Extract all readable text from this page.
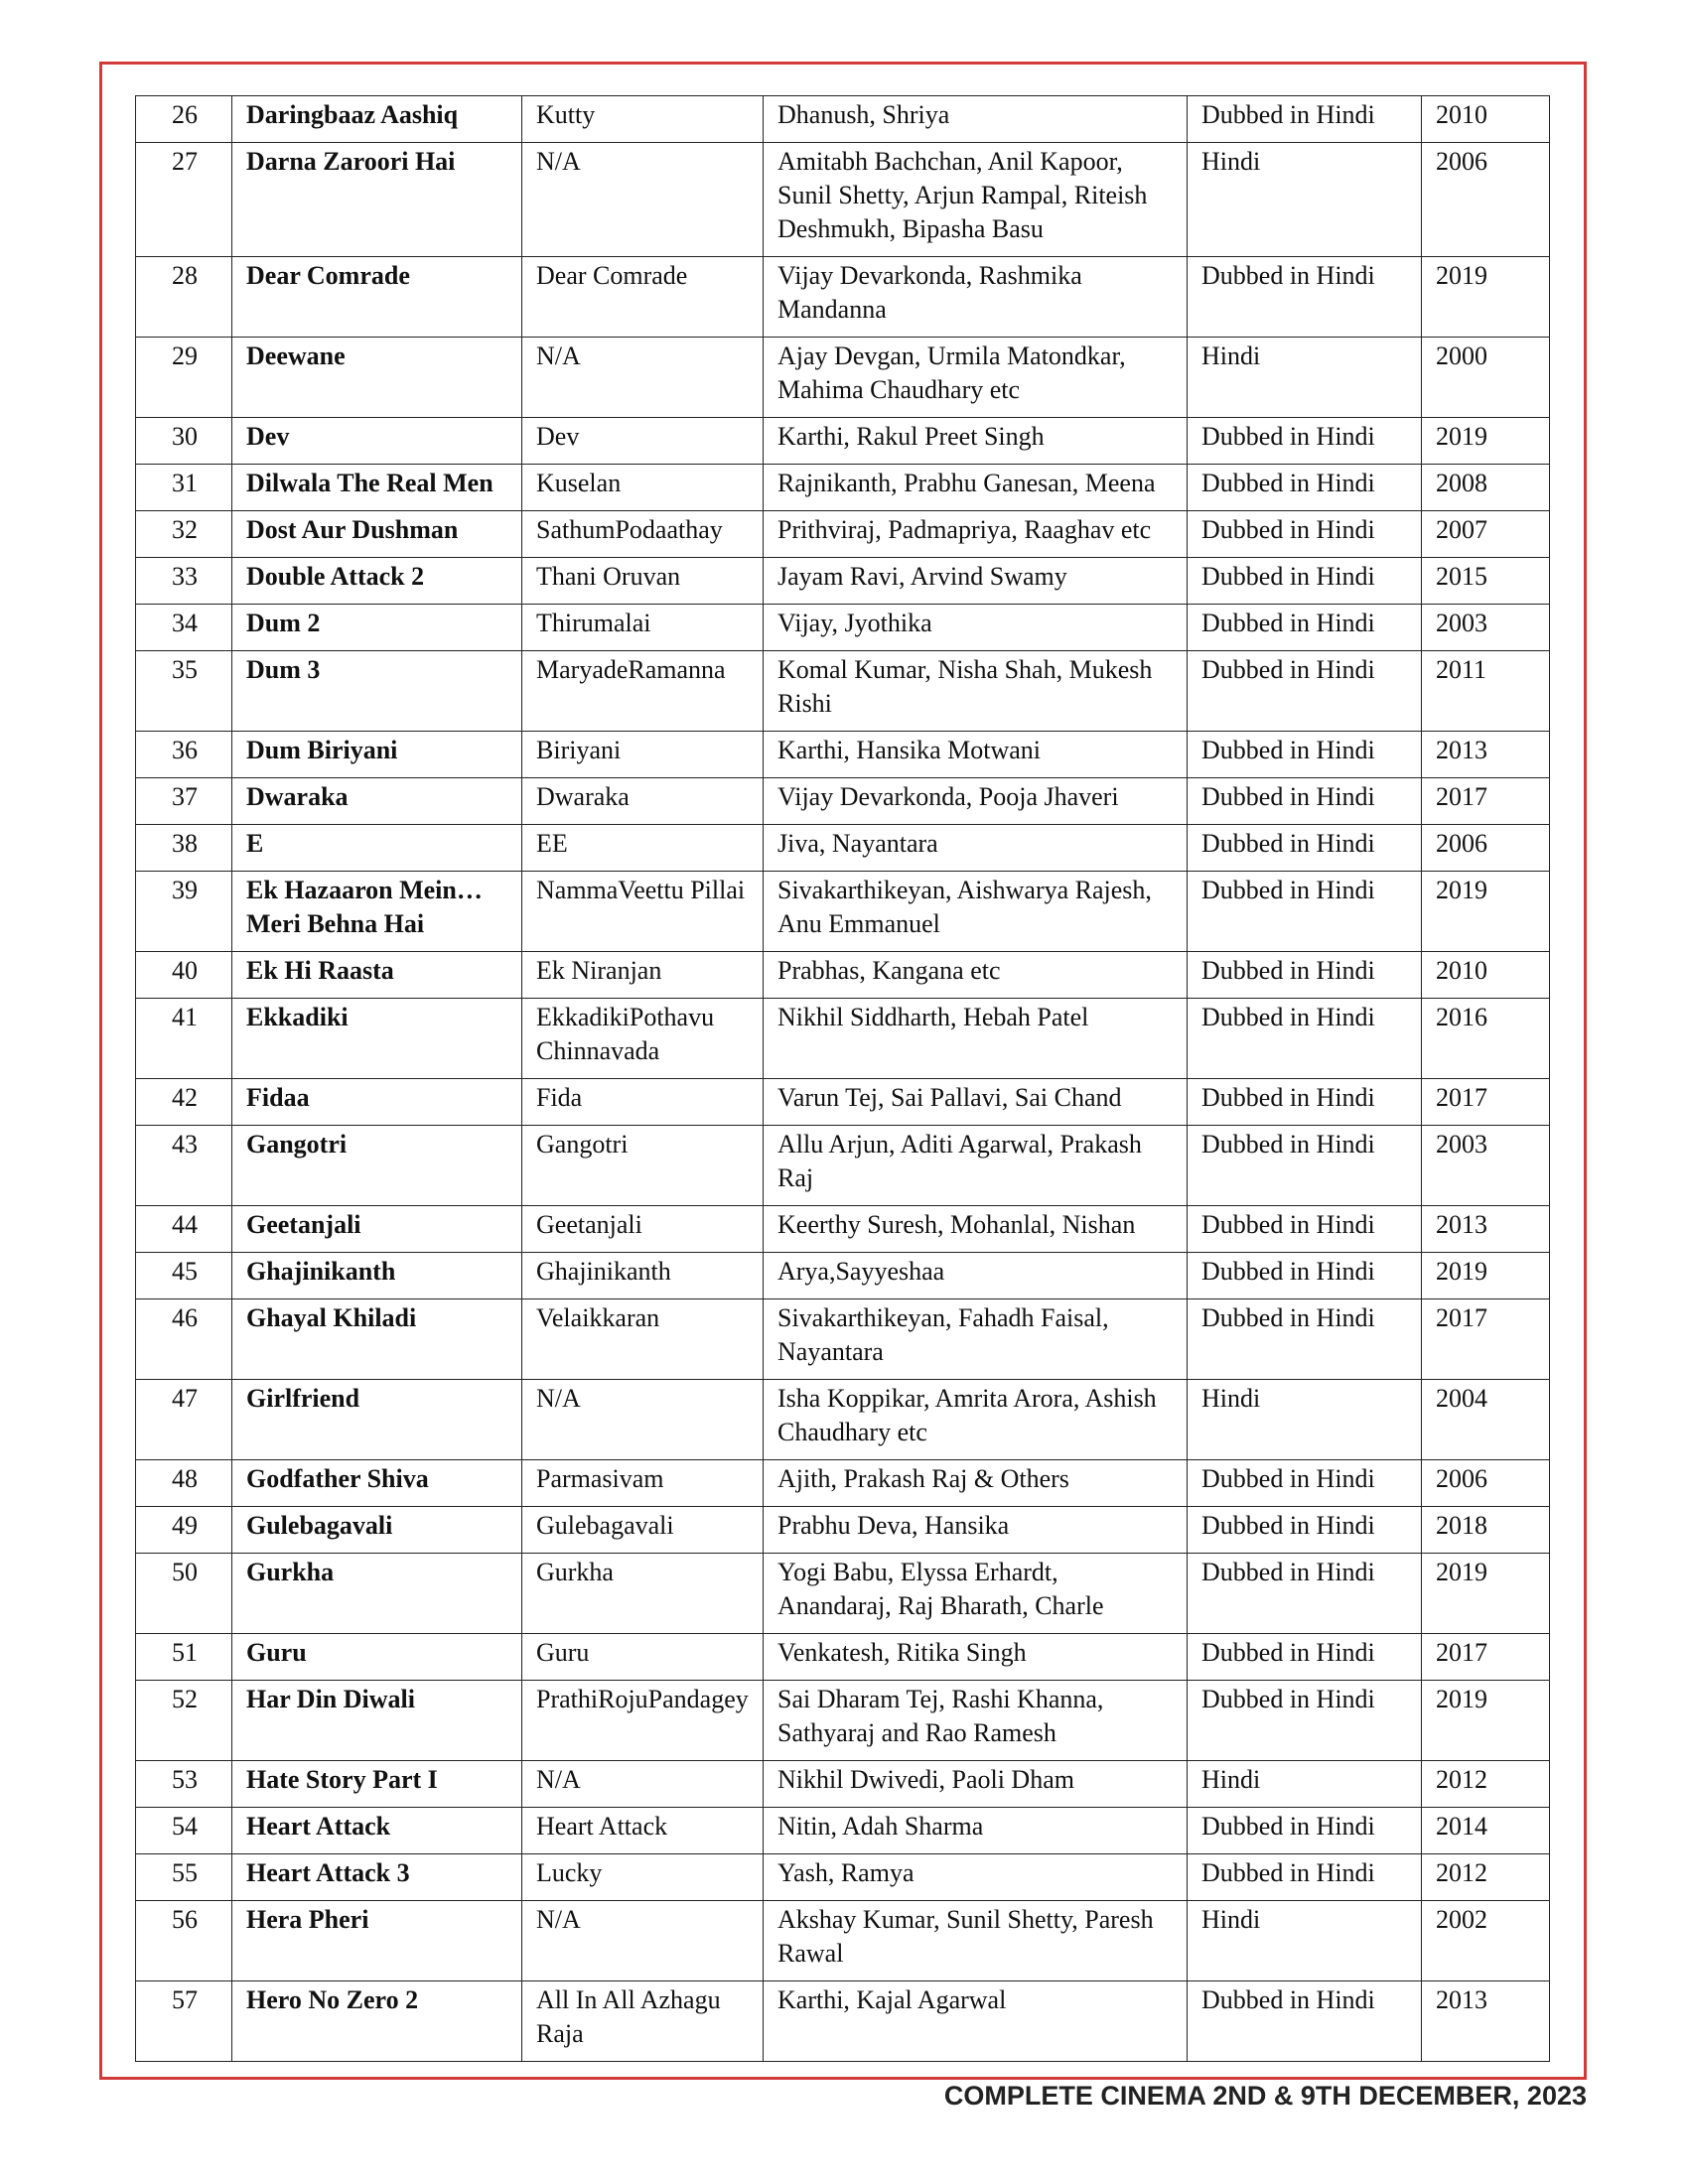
26	Daringbaaz Aashiq	Kutty	Dhanush, Shriya	Dubbed in Hindi	2010
27	Darna Zaroori Hai	N/A	Amitabh Bachchan, Anil Kapoor, Sunil Shetty, Arjun Rampal, Riteish Deshmukh, Bipasha Basu	Hindi	2006
28	Dear Comrade	Dear Comrade	Vijay Devarkonda, Rashmika Mandanna	Dubbed in Hindi	2019
29	Deewane	N/A	Ajay Devgan, Urmila Matondkar, Mahima Chaudhary etc	Hindi	2000
30	Dev	Dev	Karthi, Rakul Preet Singh	Dubbed in Hindi	2019
31	Dilwala The Real Men	Kuselan	Rajnikanth, Prabhu Ganesan, Meena	Dubbed in Hindi	2008
32	Dost Aur Dushman	SathumPodaathay	Prithviraj, Padmapriya, Raaghav etc	Dubbed in Hindi	2007
33	Double Attack 2	Thani Oruvan	Jayam Ravi, Arvind Swamy	Dubbed in Hindi	2015
34	Dum 2	Thirumalai	Vijay, Jyothika	Dubbed in Hindi	2003
35	Dum 3	MaryadeRamanna	Komal Kumar, Nisha Shah, Mukesh Rishi	Dubbed in Hindi	2011
36	Dum Biriyani	Biriyani	Karthi, Hansika Motwani	Dubbed in Hindi	2013
37	Dwaraka	Dwaraka	Vijay Devarkonda, Pooja Jhaveri	Dubbed in Hindi	2017
38	E	EE	Jiva, Nayantara	Dubbed in Hindi	2006
39	Ek Hazaaron Mein…Meri Behna Hai	NammaVeettu Pillai	Sivakarthikeyan, Aishwarya Rajesh, Anu Emmanuel	Dubbed in Hindi	2019
40	Ek Hi Raasta	Ek Niranjan	Prabhas, Kangana etc	Dubbed in Hindi	2010
41	Ekkadiki	EkkadikiPothavu Chinnavada	Nikhil Siddharth, Hebah Patel	Dubbed in Hindi	2016
42	Fidaa	Fida	Varun Tej, Sai Pallavi, Sai Chand	Dubbed in Hindi	2017
43	Gangotri	Gangotri	Allu Arjun, Aditi Agarwal, Prakash Raj	Dubbed in Hindi	2003
44	Geetanjali	Geetanjali	Keerthy Suresh, Mohanlal, Nishan	Dubbed in Hindi	2013
45	Ghajinikanth	Ghajinikanth	Arya,Sayyeshaa	Dubbed in Hindi	2019
46	Ghayal Khiladi	Velaikkaran	Sivakarthikeyan, Fahadh Faisal, Nayantara	Dubbed in Hindi	2017
47	Girlfriend	N/A	Isha Koppikar, Amrita Arora, Ashish Chaudhary etc	Hindi	2004
48	Godfather Shiva	Parmasivam	Ajith, Prakash Raj & Others	Dubbed in Hindi	2006
49	Gulebagavali	Gulebagavali	Prabhu Deva, Hansika	Dubbed in Hindi	2018
50	Gurkha	Gurkha	Yogi Babu, Elyssa Erhardt, Anandaraj, Raj Bharath, Charle	Dubbed in Hindi	2019
51	Guru	Guru	Venkatesh, Ritika Singh	Dubbed in Hindi	2017
52	Har Din Diwali	PrathiRojuPandagey	Sai Dharam Tej, Rashi Khanna, Sathyaraj and Rao Ramesh	Dubbed in Hindi	2019
53	Hate Story Part I	N/A	Nikhil Dwivedi, Paoli Dham	Hindi	2012
54	Heart Attack	Heart Attack	Nitin, Adah Sharma	Dubbed in Hindi	2014
55	Heart Attack 3	Lucky	Yash, Ramya	Dubbed in Hindi	2012
56	Hera Pheri	N/A	Akshay Kumar, Sunil Shetty, Paresh Rawal	Hindi	2002
57	Hero No Zero 2	All In All Azhagu Raja	Karthi, Kajal Agarwal	Dubbed in Hindi	2013
COMPLETE CINEMA 2ND & 9TH DECEMBER, 2023
